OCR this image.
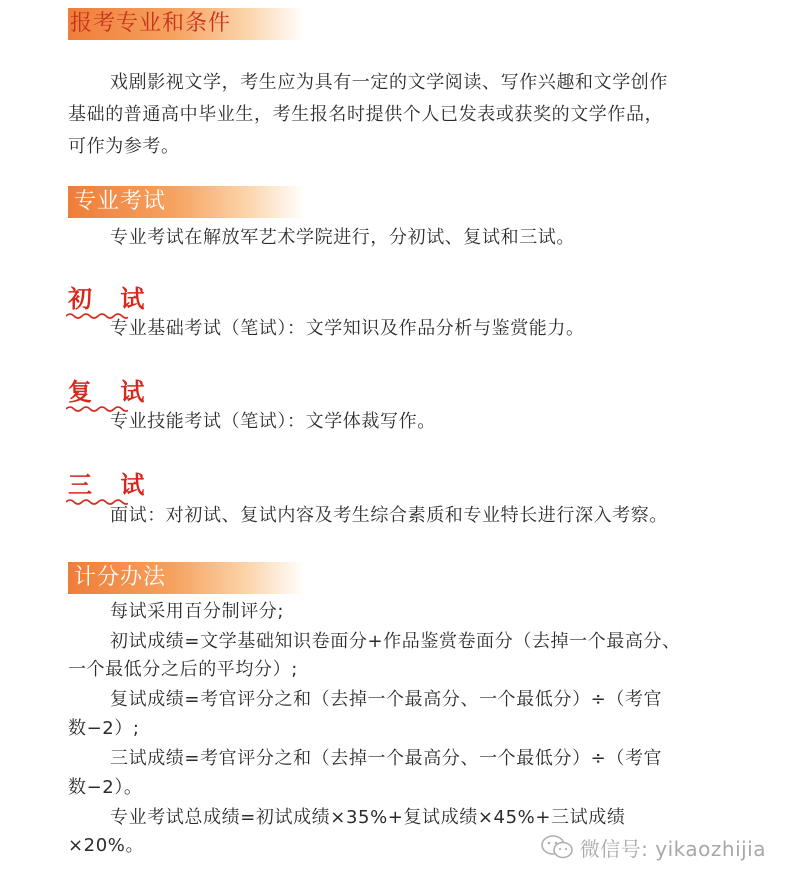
报考专业和条件
戏剧影视文学，考生应为具有一定的文学阅读、写作兴趣和文学创作
基础的普通高中毕业生，考生报名时提供个人已发表或获奖的文学作品，
可作为参考。
专业考试
专业考试在解放军艺术学院进行，分初试、复试和三试。
初 试
专业基础考试（笔试）：文学知识及作品分析与鉴赏能力。
复 试
专业技能考试（笔试）：文学体裁写作。
三 试
面试：对初试、复试内容及考生综合素质和专业特长进行深入考察。
计分办法
每试采用百分制评分;
初试成绩=文学基础知识卷面分+作品鉴赏卷面分（去掉一个最高分、
一个最低分之后的平均分）;
复试成绩=考官评分之和（去掉一个最高分、一个最低分）÷（考官
数−2）;
三试成绩=考官评分之和（去掉一个最高分、一个最低分）÷（考官
数−2）。
专业考试总成绩=初试成绩×35%+复试成绩×45%+三试成绩
×20%。	微信号: yikaozhijia
